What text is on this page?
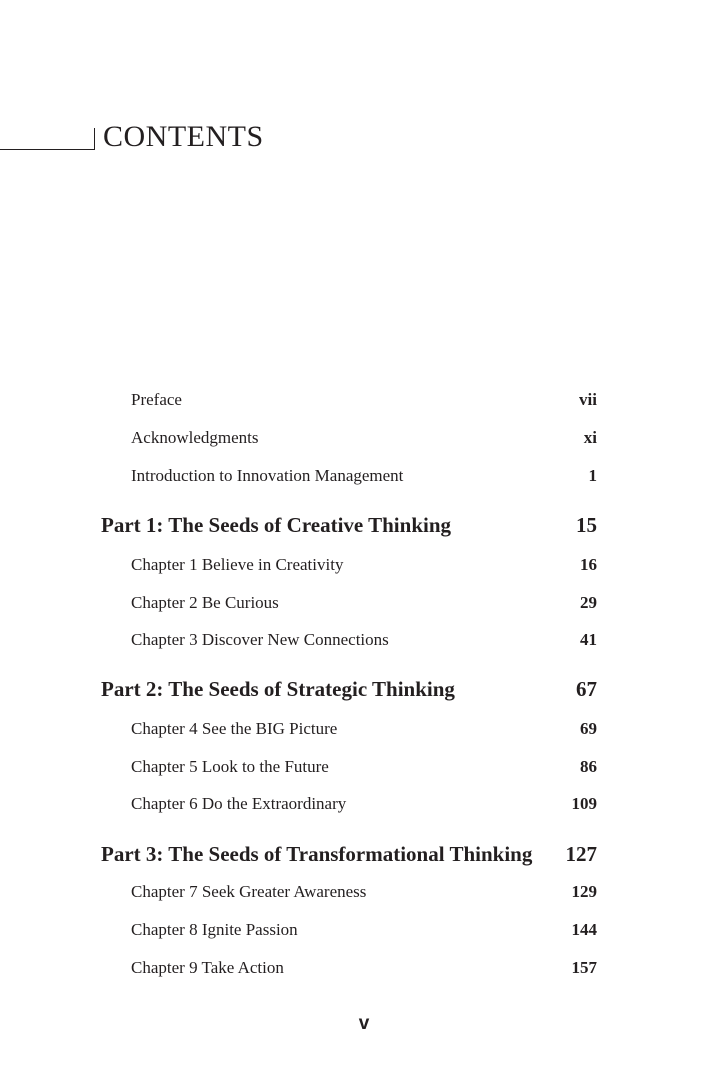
CONTENTS
Preface	vii
Acknowledgments	xi
Introduction to Innovation Management	1
Part 1: The Seeds of Creative Thinking	15
Chapter 1 Believe in Creativity	16
Chapter 2 Be Curious	29
Chapter 3 Discover New Connections	41
Part 2: The Seeds of Strategic Thinking	67
Chapter 4 See the BIG Picture	69
Chapter 5 Look to the Future	86
Chapter 6 Do the Extraordinary	109
Part 3: The Seeds of Transformational Thinking 127
Chapter 7 Seek Greater Awareness	129
Chapter 8 Ignite Passion	144
Chapter 9 Take Action	157
v
